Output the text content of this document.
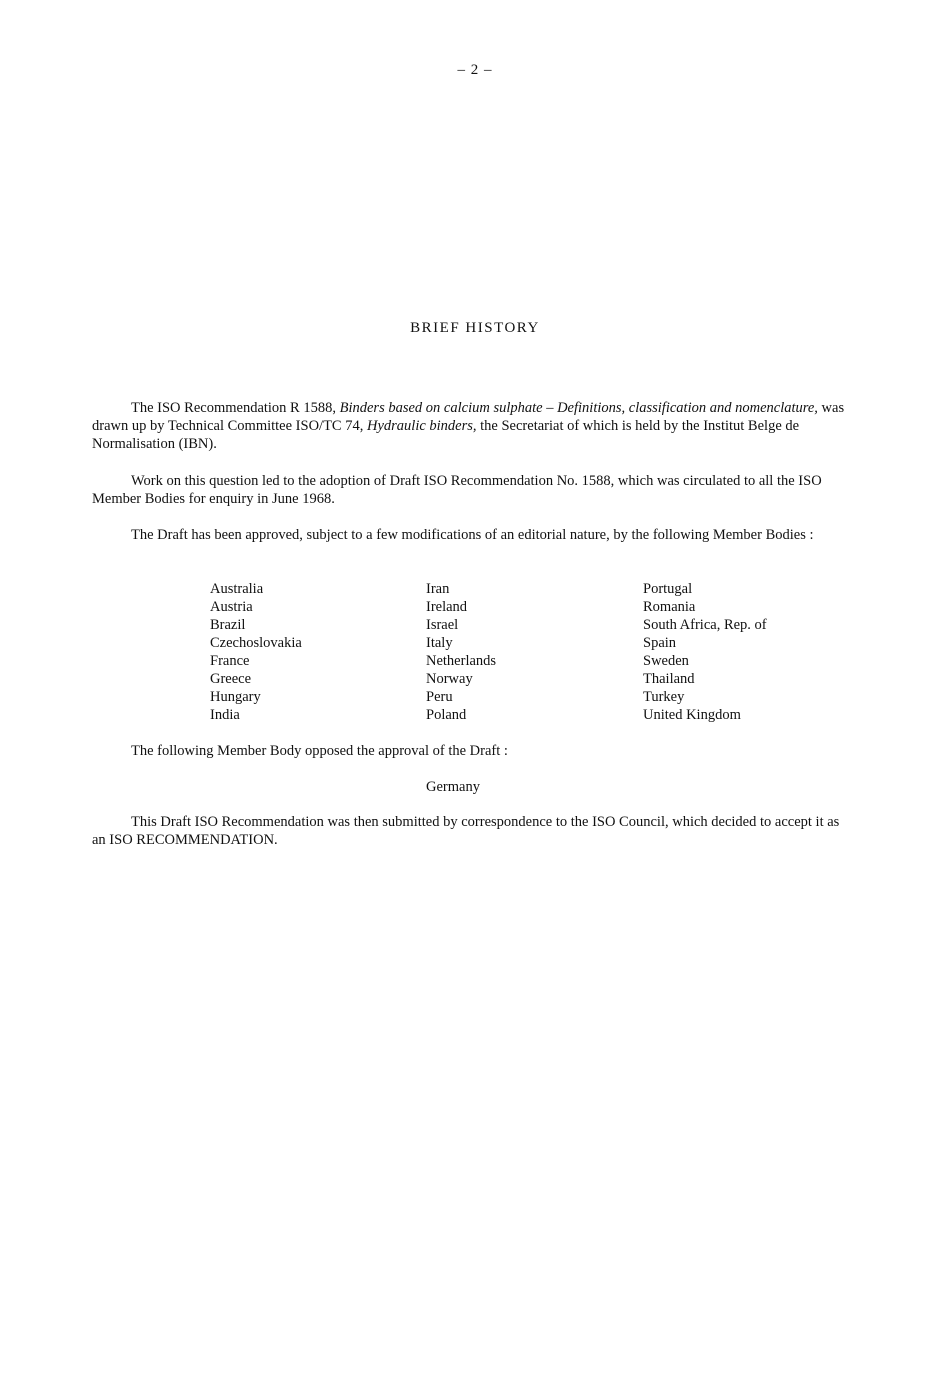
– 2 –
BRIEF HISTORY

The ISO Recommendation R 1588, Binders based on calcium sulphate – Definitions, classification and nomenclature, was drawn up by Technical Committee ISO/TC 74, Hydraulic binders, the Secretariat of which is held by the Institut Belge de Normalisation (IBN).

Work on this question led to the adoption of Draft ISO Recommendation No. 1588, which was circulated to all the ISO Member Bodies for enquiry in June 1968.

The Draft has been approved, subject to a few modifications of an editorial nature, by the following Member Bodies :

Australia
Austria
Brazil
Czechoslovakia
France
Greece
Hungary
India
Iran
Ireland
Israel
Italy
Netherlands
Norway
Peru
Poland
Portugal
Romania
South Africa, Rep. of
Spain
Sweden
Thailand
Turkey
United Kingdom

The following Member Body opposed the approval of the Draft :

Germany

This Draft ISO Recommendation was then submitted by correspondence to the ISO Council, which decided to accept it as an ISO RECOMMENDATION.
